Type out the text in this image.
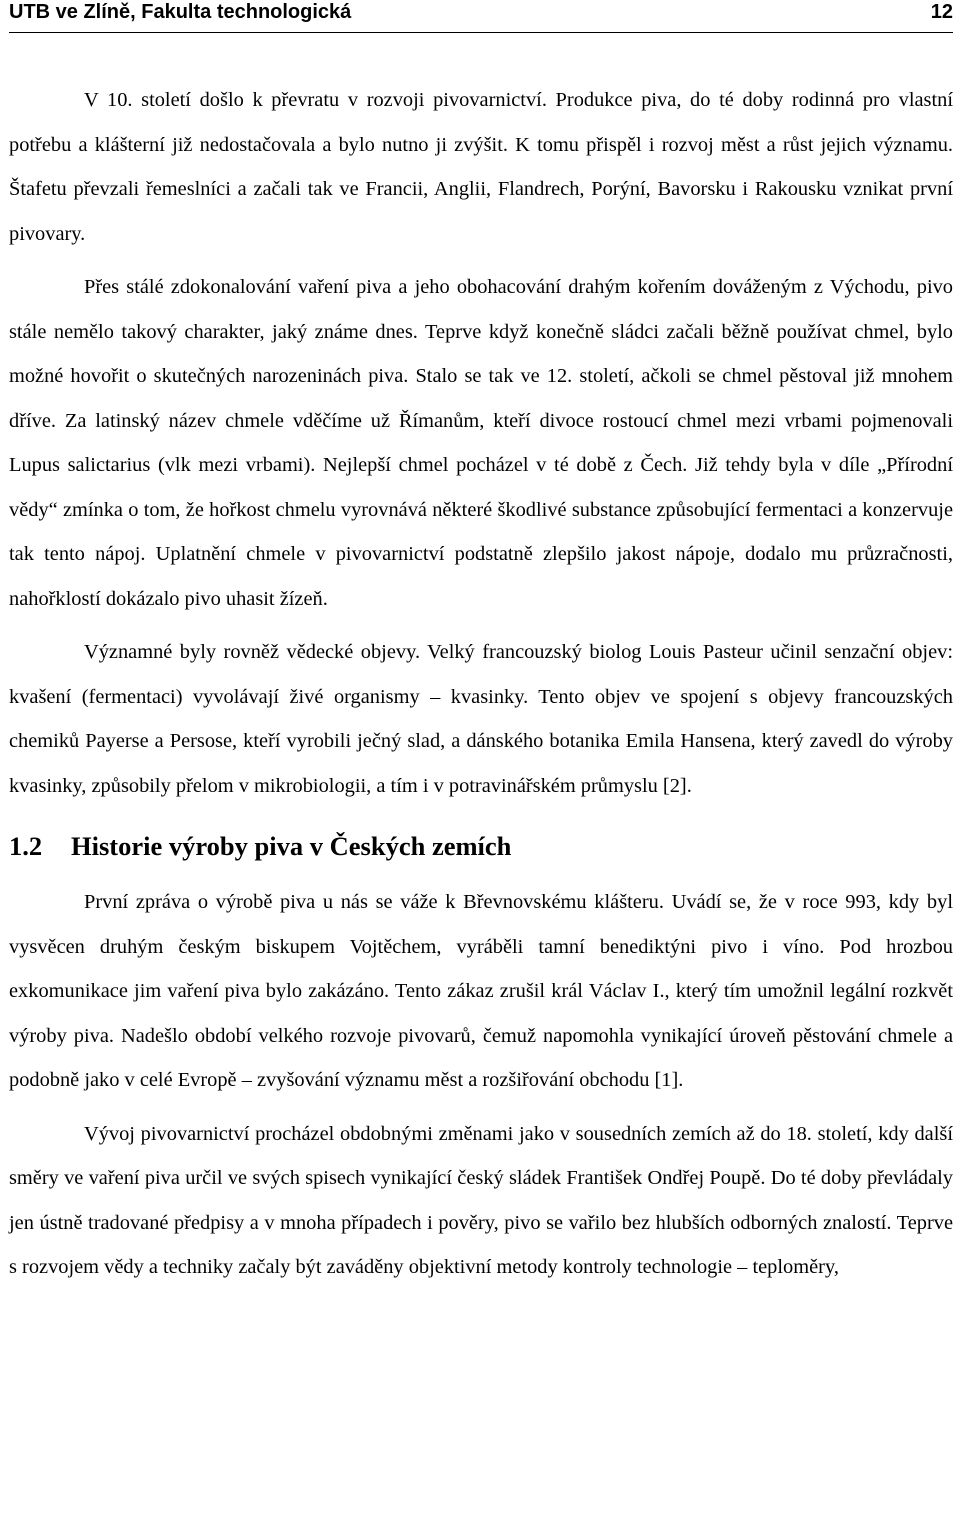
UTB ve Zlíně, Fakulta technologická	12

V 10. století došlo k převratu v rozvoji pivovarnictví. Produkce piva, do té doby rodinná pro vlastní potřebu a klášterní již nedostačovala a bylo nutno ji zvýšit. K tomu přispěl i rozvoj měst a růst jejich významu. Štafetu převzali řemeslníci a začali tak ve Francii, Anglii, Flandrech, Porýní, Bavorsku i Rakousku vznikat první pivovary.

Přes stálé zdokonalování vaření piva a jeho obohacování drahým kořením dováženým z Východu, pivo stále nemělo takový charakter, jaký známe dnes. Teprve když konečně sládci začali běžně používat chmel, bylo možné hovořit o skutečných narozeninách piva. Stalo se tak ve 12. století, ačkoli se chmel pěstoval již mnohem dříve. Za latinský název chmele vděčíme už Římanům, kteří divoce rostoucí chmel mezi vrbami pojmenovali Lupus salictarius (vlk mezi vrbami). Nejlepší chmel pocházel v té době z Čech. Již tehdy byla v díle „Přírodní vědy“ zmínka o tom, že hořkost chmelu vyrovnává některé škodlivé substance způsobující fermentaci a konzervuje tak tento nápoj. Uplatnění chmele v pivovarnictví podstatně zlepšilo jakost nápoje, dodalo mu průzračnosti, nahořklostí dokázalo pivo uhasit žízeň.

Významné byly rovněž vědecké objevy. Velký francouzský biolog Louis Pasteur učinil senzační objev: kvašení (fermentaci) vyvolávají živé organismy – kvasinky. Tento objev ve spojení s objevy francouzských chemiků Payerse a Persose, kteří vyrobili ječný slad, a dánského botanika Emila Hansena, který zavedl do výroby kvasinky, způsobily přelom v mikrobiologii, a tím i v potravinářském průmyslu [2].

1.2 Historie výroby piva v Českých zemích

První zpráva o výrobě piva u nás se váže k Břevnovskému klášteru. Uvádí se, že v roce 993, kdy byl vysvěcen druhým českým biskupem Vojtěchem, vyráběli tamní benediktýni pivo i víno. Pod hrozbou exkomunikace jim vaření piva bylo zakázáno. Tento zákaz zrušil král Václav I., který tím umožnil legální rozkvět výroby piva. Nadešlo období velkého rozvoje pivovarů, čemuž napomohla vynikající úroveň pěstování chmele a podobně jako v celé Evropě – zvyšování významu měst a rozšiřování obchodu [1].

Vývoj pivovarnictví procházel obdobnými změnami jako v sousedních zemích až do 18. století, kdy další směry ve vaření piva určil ve svých spisech vynikající český sládek František Ondřej Poupě. Do té doby převládaly jen ústně tradované předpisy a v mnoha případech i pověry, pivo se vařilo bez hlubších odborných znalostí. Teprve s rozvojem vědy a techniky začaly být zaváděny objektivní metody kontroly technologie – teploměry,
